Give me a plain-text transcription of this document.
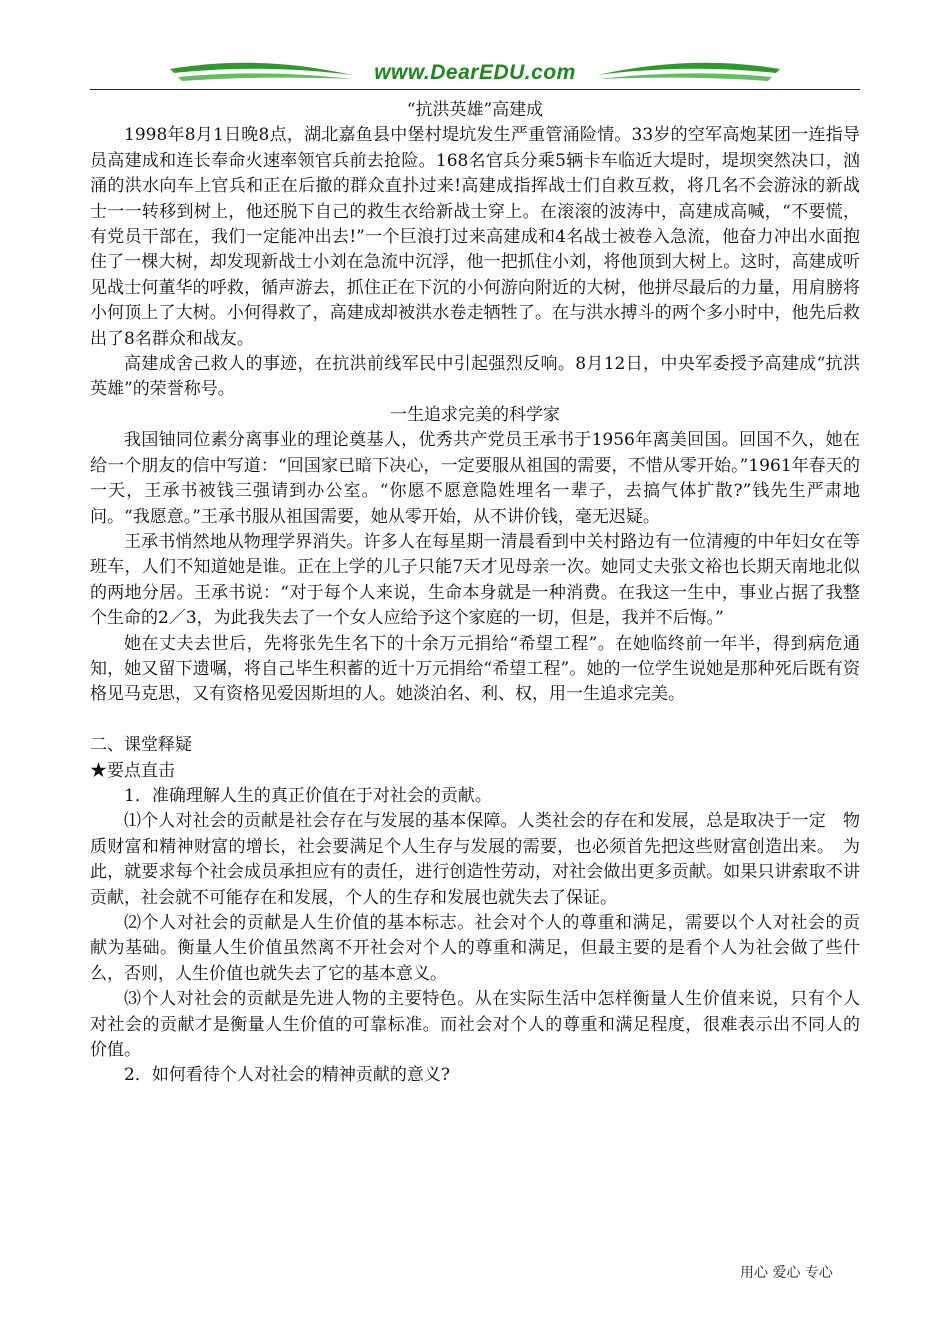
www.DearEDU.com

“抗洪英雄”高建成

1998年8月1日晚8点，湖北嘉鱼县中堡村堤坑发生严重管涌险情。33岁的空军高炮某团一连指导员高建成和连长奉命火速率领官兵前去抢险。168名官兵分乘5辆卡车临近大堤时，堤坝突然决口，汹涌的洪水向车上官兵和正在后撤的群众直扑过来!高建成指挥战士们自救互救，将几名不会游泳的新战士一一转移到树上，他还脱下自己的救生衣给新战士穿上。在滚滚的波涛中，高建成高喊，“不要慌，有党员干部在，我们一定能冲出去!”一个巨浪打过来高建成和4名战士被卷入急流，他奋力冲出水面抱住了一棵大树，却发现新战士小刘在急流中沉浮，他一把抓住小刘，将他顶到大树上。这时，高建成听见战士何董华的呼救，循声游去，抓住正在下沉的小何游向附近的大树，他拼尽最后的力量，用肩膀将小何顶上了大树。小何得救了，高建成却被洪水卷走牺牲了。在与洪水搏斗的两个多小时中，他先后救出了8名群众和战友。

高建成舍己救人的事迹，在抗洪前线军民中引起强烈反响。8月12日，中央军委授予高建成“抗洪英雄”的荣誉称号。

一生追求完美的科学家

我国铀同位素分离事业的理论奠基人，优秀共产党员王承书于1956年离美回国。回国不久，她在给一个朋友的信中写道：“回国家已暗下决心，一定要服从祖国的需要，不惜从零开始。”1961年春天的一天，王承书被钱三强请到办公室。“你愿不愿意隐姓埋名一辈子，去搞气体扩散?”钱先生严肃地问。“我愿意。”王承书服从祖国需要，她从零开始，从不讲价钱，毫无迟疑。

王承书悄然地从物理学界消失。许多人在每星期一清晨看到中关村路边有一位清瘦的中年妇女在等班车，人们不知道她是谁。正在上学的儿子只能7天才见母亲一次。她同丈夫张文裕也长期天南地北似的两地分居。王承书说：“对于每个人来说，生命本身就是一种消费。在我这一生中，事业占据了我整个生命的2／3，为此我失去了一个女人应给予这个家庭的一切，但是，我并不后悔。”

她在丈夫去世后，先将张先生名下的十余万元捐给“希望工程”。在她临终前一年半，得到病危通知，她又留下遗嘱，将自己毕生积蓄的近十万元捐给“希望工程”。她的一位学生说她是那种死后既有资格见马克思，又有资格见爱因斯坦的人。她淡泊名、利、权，用一生追求完美。

二、课堂释疑

★要点直击

1．准确理解人生的真正价值在于对社会的贡献。

⑴个人对社会的贡献是社会存在与发展的基本保障。人类社会的存在和发展，总是取决于一定　物质财富和精神财富的增长，社会要满足个人生存与发展的需要，也必须首先把这些财富创造出来。　为此，就要求每个社会成员承担应有的责任，进行创造性劳动，对社会做出更多贡献。如果只讲索取不讲贡献，社会就不可能存在和发展，个人的生存和发展也就失去了保证。

⑵个人对社会的贡献是人生价值的基本标志。社会对个人的尊重和满足，需要以个人对社会的贡　献为基础。衡量人生价值虽然离不开社会对个人的尊重和满足，但最主要的是看个人为社会做了些什　么，否则，人生价值也就失去了它的基本意义。

⑶个人对社会的贡献是先进人物的主要特色。从在实际生活中怎样衡量人生价值来说，只有个人　对社会的贡献才是衡量人生价值的可靠标准。而社会对个人的尊重和满足程度，很难表示出不同人的　价值。

2．如何看待个人对社会的精神贡献的意义?

用心 爱心 专心
